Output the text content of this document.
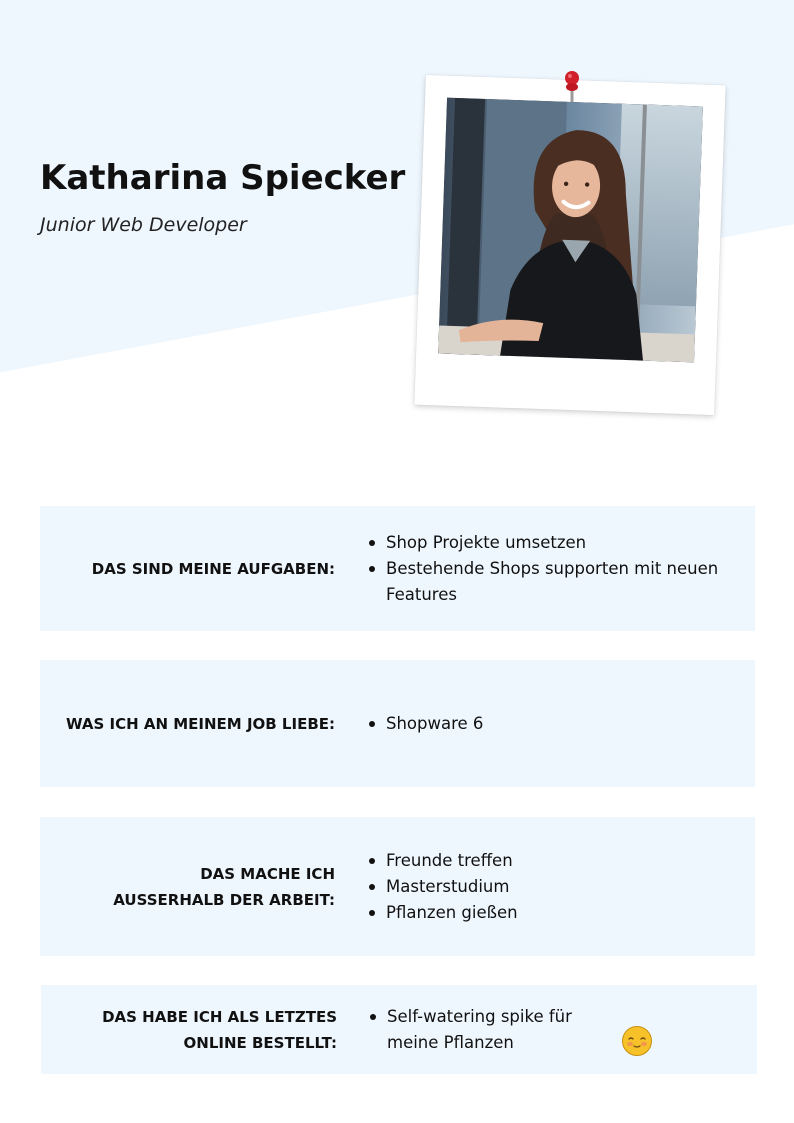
Katharina Spiecker

Junior Web Developer

DAS SIND MEINE AUFGABEN:
Shop Projekte umsetzen
Bestehende Shops supporten mit neuen Features
WAS ICH AN MEINEM JOB LIEBE:	Shopware 6
DAS MACHE ICH
AUSSERHALB DER ARBEIT:
Freunde treffen
Masterstudium
Pflanzen gießen
DAS HABE ICH ALS LETZTES
ONLINE BESTELLT:
Self-watering spike für meine Pflanzen
